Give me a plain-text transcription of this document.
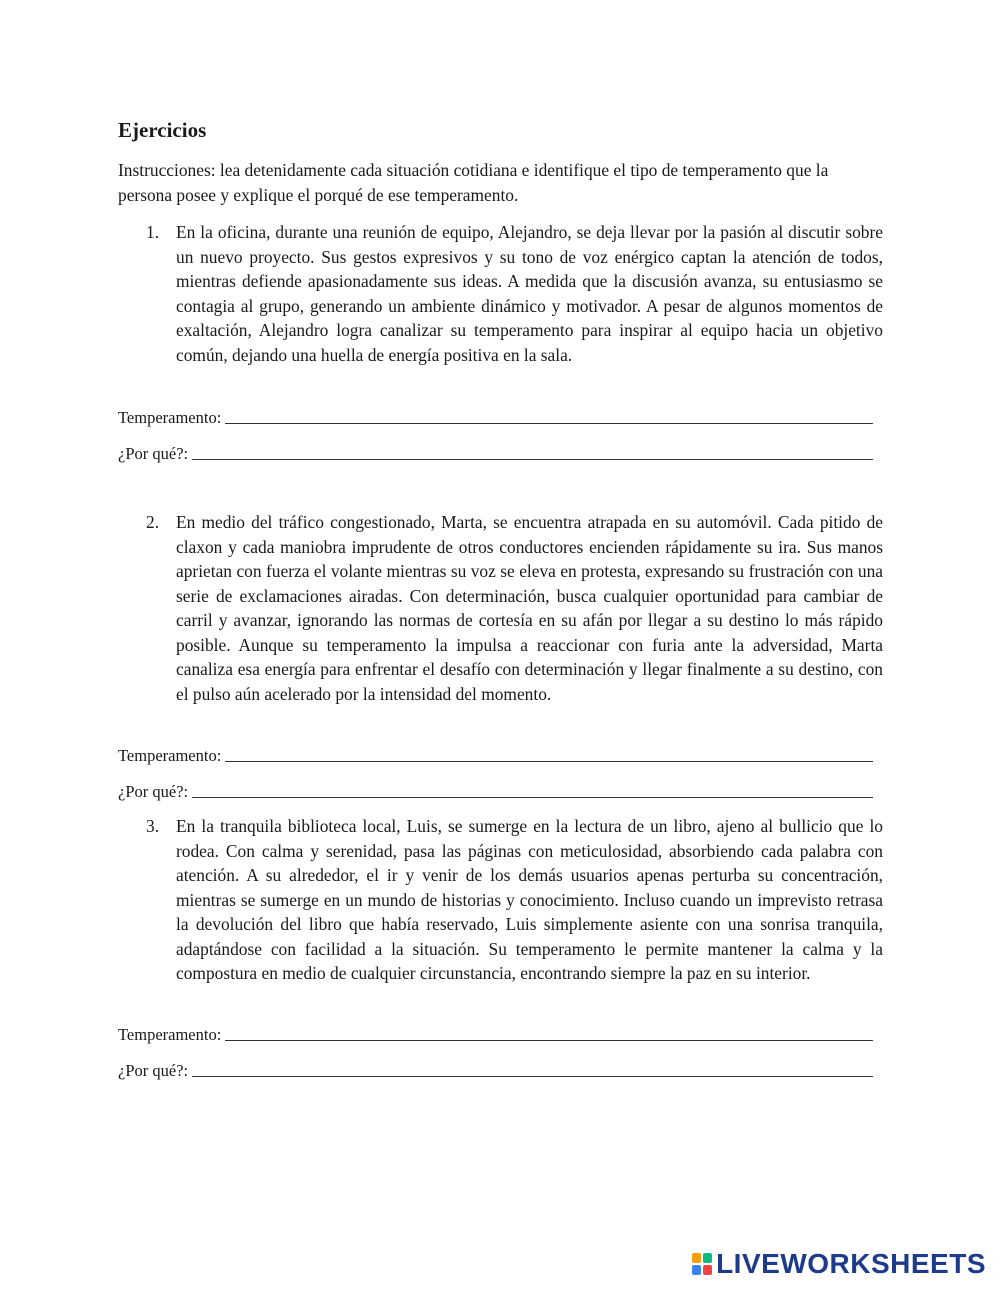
Ejercicios

Instrucciones: lea detenidamente cada situación cotidiana e identifique el tipo de temperamento que la persona posee y explique el porqué de ese temperamento.

1. En la oficina, durante una reunión de equipo, Alejandro, se deja llevar por la pasión al discutir sobre un nuevo proyecto. Sus gestos expresivos y su tono de voz enérgico captan la atención de todos, mientras defiende apasionadamente sus ideas. A medida que la discusión avanza, su entusiasmo se contagia al grupo, generando un ambiente dinámico y motivador. A pesar de algunos momentos de exaltación, Alejandro logra canalizar su temperamento para inspirar al equipo hacia un objetivo común, dejando una huella de energía positiva en la sala.

Temperamento:
¿Por qué?:
2. En medio del tráfico congestionado, Marta, se encuentra atrapada en su automóvil. Cada pitido de claxon y cada maniobra imprudente de otros conductores encienden rápidamente su ira. Sus manos aprietan con fuerza el volante mientras su voz se eleva en protesta, expresando su frustración con una serie de exclamaciones airadas. Con determinación, busca cualquier oportunidad para cambiar de carril y avanzar, ignorando las normas de cortesía en su afán por llegar a su destino lo más rápido posible. Aunque su temperamento la impulsa a reaccionar con furia ante la adversidad, Marta canaliza esa energía para enfrentar el desafío con determinación y llegar finalmente a su destino, con el pulso aún acelerado por la intensidad del momento.

Temperamento:
¿Por qué?:
3. En la tranquila biblioteca local, Luis, se sumerge en la lectura de un libro, ajeno al bullicio que lo rodea. Con calma y serenidad, pasa las páginas con meticulosidad, absorbiendo cada palabra con atención. A su alrededor, el ir y venir de los demás usuarios apenas perturba su concentración, mientras se sumerge en un mundo de historias y conocimiento. Incluso cuando un imprevisto retrasa la devolución del libro que había reservado, Luis simplemente asiente con una sonrisa tranquila, adaptándose con facilidad a la situación. Su temperamento le permite mantener la calma y la compostura en medio de cualquier circunstancia, encontrando siempre la paz en su interior.

Temperamento:
¿Por qué?:
LIVEWORKSHEETS
